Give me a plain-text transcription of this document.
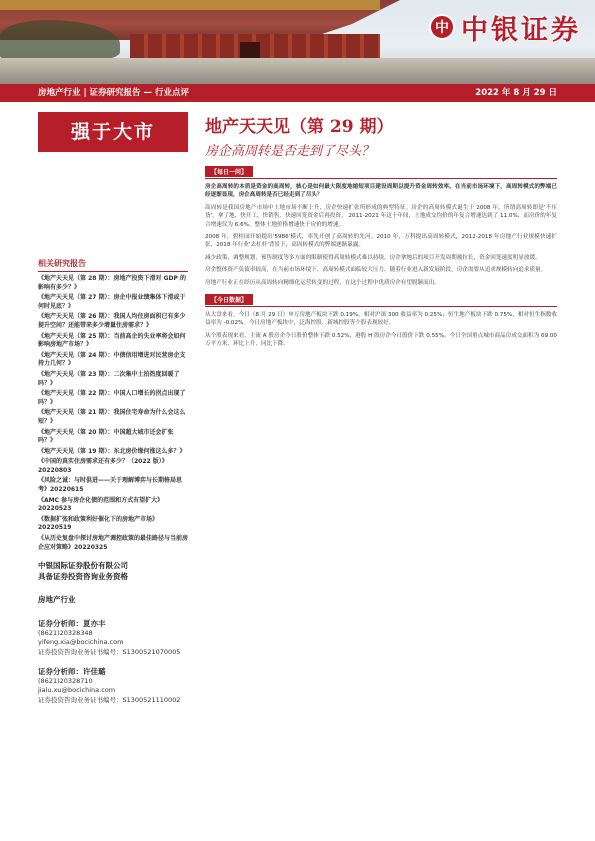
中 中银证券
房地产行业 | 证券研究报告 — 行业点评	2022 年 8 月 29 日
强于大市
相关研究报告
《地产天天见（第 28 期）：房地产投资下滑对 GDP 的影响有多少？》
《地产天天见（第 27 期）：房企中报业绩集体下滑或于何时见底？》
《地产天天见（第 26 期）：我国人均住房面积已有多少提升空间？还能带来多少增量住房需求？》
《地产天天见（第 25 期）：当前高企的失业率将会如何影响房地产市场？》
《地产天天见（第 24 期）：中债信用增进对民营房企支持力几何？》
《地产天天见（第 23 期）：二次集中土拍热度回暖了吗？》
《地产天天见（第 22 期）：中国人口增长的拐点出现了吗？》
《地产天天见（第 21 期）：我国住宅寿命为什么会这么短？》
《地产天天见（第 20 期）：中国超大城市还会扩张吗？》
《地产天天见（第 19 期）：东北房价缘何涨这么多？》
《中国的真实住房需求还有多少？（2022 版）》20220803
《风险之诚：与时俱进——关于理解博弈与长期格局思考》20220615
《AMC 参与房企化债的范围和方式有望扩大》20220523
《数据扩张和政策利好催化下的房地产市场》20220519
《从历史复盘中探讨房地产调控政策的最佳路径与当前房企应对策略》20220325
中银国际证券股份有限公司
具备证券投资咨询业务资格
房地产行业
证券分析师：夏亦丰
(8621)20328348
yifeng.xia@bocichina.com
证券投资咨询业务证书编号：S1300521070005
证券分析师：许佳璐
(8621)20328710
jialu.xu@bocichina.com
证券投资咨询业务证书编号：S1300521110002
地产天天见（第 29 期）
房企高周转是否走到了尽头？
【每日一问】

房企高周转的本质是资金的高周转，核心是如何最大限度地缩短项目建设周期以提升资金周转效率。在当前市场环境下，高周转模式的弊端已经逐渐显现，房企高周转是否已经走到了尽头？

高周转是我国房地产市场中土地市场不断上升、房企快速扩张所形成的典型特征。房企的高周转模式诞生于 2008 年，所谓高周转即是'不压货'，拿了地，快开工，快销售，快速回笼资金后再投资。 2011-2021 年这十年间，土地成交均价的年复合增速达到了 11.0%，而房价的年复合增速仅为 6.6%。整体土地价格增速快于房价的增速。

2008 年，碧桂园开始提出'5986'模式，率先开创了高周转的先河。2010 年，万科提出高周转模式，2012-2018 年房地产行业规模快速扩张，2018 年行业'去杠杆'背景下，高周转模式的弊端逐渐暴露。

减少政策，调整规划，预售制度等多方面的限制使得高周转模式难以持续。房企拿地后的项目开发周期被拉长，资金回笼速度明显放缓。

房企整体资产负债率较高，在当前市场环境下，高周转模式面临较大压力。随着行业进入新发展阶段，房企需要从追求规模转向追求质量。

房地产行业正在经历从高周转向精细化运营转变的过程，在这个过程中优质房企有望脱颖而出。

【今日数据】

从大盘来看，今日（8 月 29 日）申万房地产板块下跌 0.19%，相对沪深 300 收益率为 0.25%；恒生地产板块下跌 0.75%，相对恒生指数收益率为 -0.02%。今日房地产板块中，泛海控股、新城控股等个股表现较好。

从个股表现来看，主流 A 股房企今日股价整体下跌 0.52%，港股 H 股房企今日股价下跌 0.55%。今日全国重点城市商品房成交面积为 69.00 万平方米，环比上升，同比下降。
